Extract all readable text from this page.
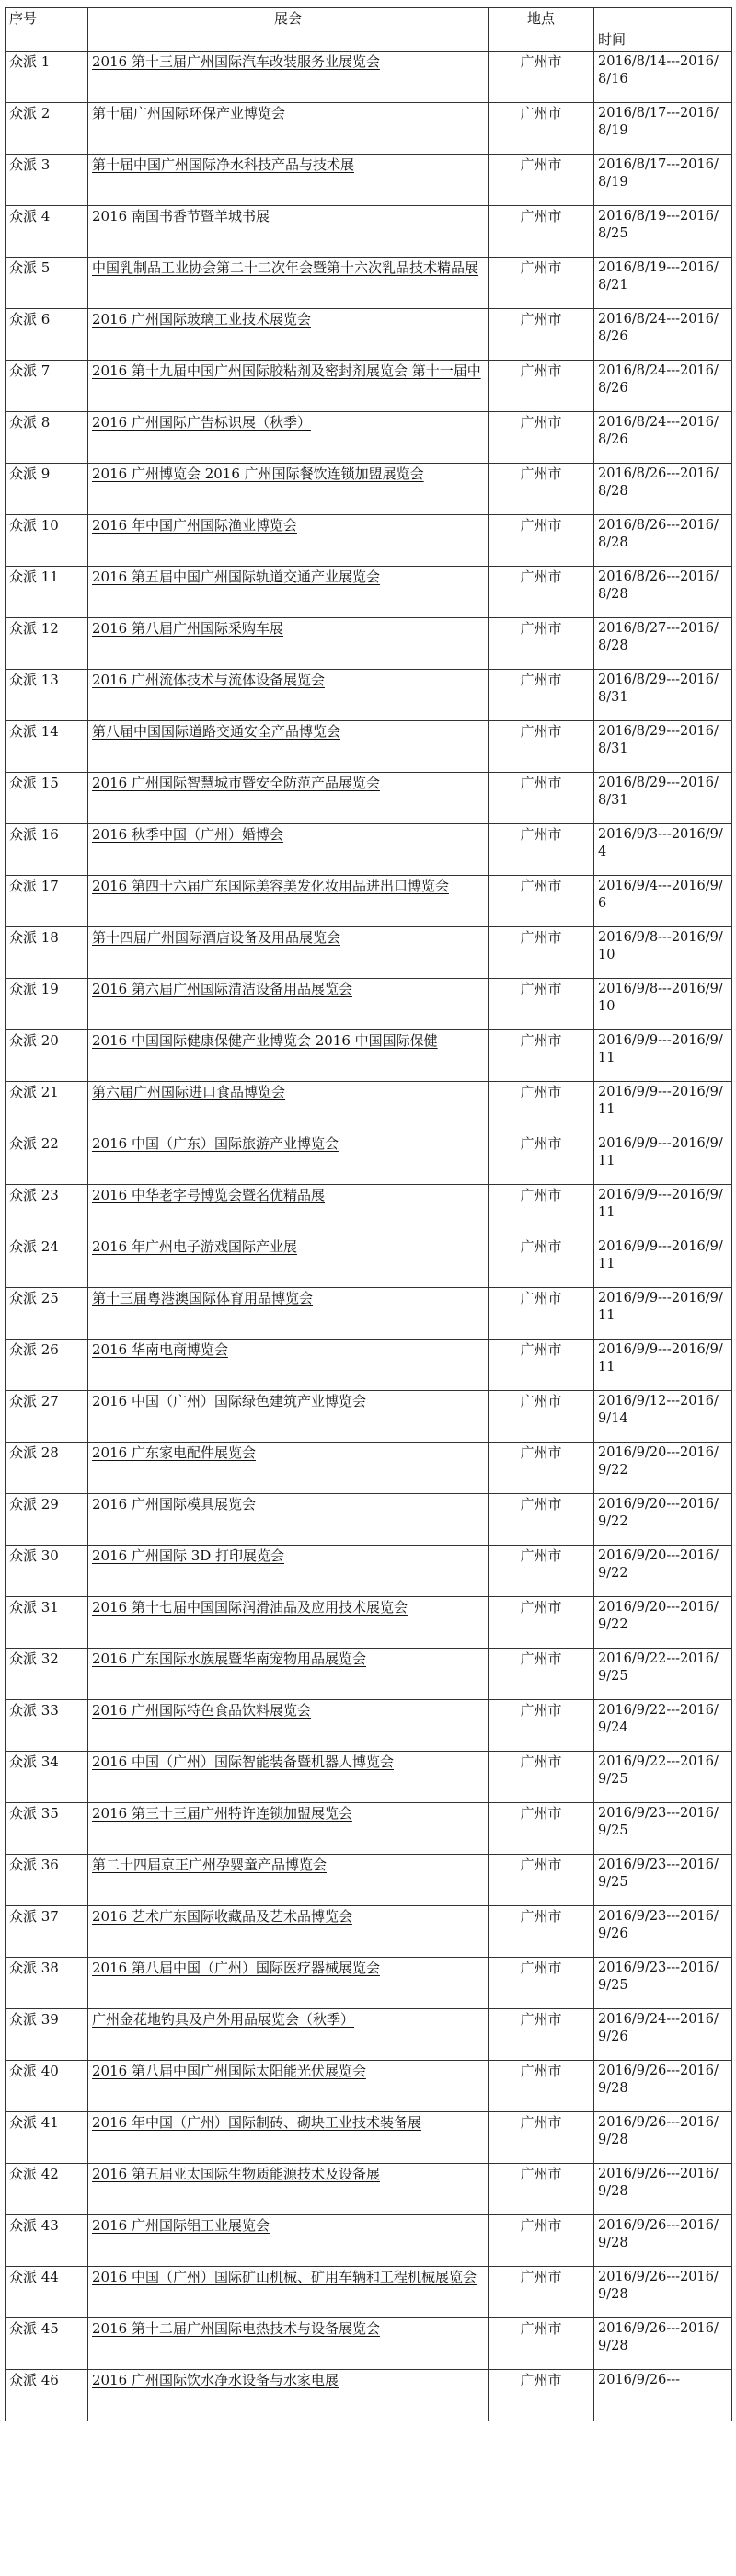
序号	展会	地点	时间
众派 1	2016 第十三届广州国际汽车改装服务业展览会	广州市	2016/8/14---2016/8/16
众派 2	第十届广州国际环保产业博览会	广州市	2016/8/17---2016/8/19
众派 3	第十届中国广州国际净水科技产品与技术展	广州市	2016/8/17---2016/8/19
众派 4	2016 南国书香节暨羊城书展	广州市	2016/8/19---2016/8/25
众派 5	中国乳制品工业协会第二十二次年会暨第十六次乳品技术精品展	广州市	2016/8/19---2016/8/21
众派 6	2016 广州国际玻璃工业技术展览会	广州市	2016/8/24---2016/8/26
众派 7	2016 第十九届中国广州国际胶粘剂及密封剂展览会 第十一届中	广州市	2016/8/24---2016/8/26
众派 8	2016 广州国际广告标识展（秋季）	广州市	2016/8/24---2016/8/26
众派 9	2016 广州博览会 2016 广州国际餐饮连锁加盟展览会	广州市	2016/8/26---2016/8/28
众派 10	2016 年中国广州国际渔业博览会	广州市	2016/8/26---2016/8/28
众派 11	2016 第五届中国广州国际轨道交通产业展览会	广州市	2016/8/26---2016/8/28
众派 12	2016 第八届广州国际采购车展	广州市	2016/8/27---2016/8/28
众派 13	2016 广州流体技术与流体设备展览会	广州市	2016/8/29---2016/8/31
众派 14	第八届中国国际道路交通安全产品博览会	广州市	2016/8/29---2016/8/31
众派 15	2016 广州国际智慧城市暨安全防范产品展览会	广州市	2016/8/29---2016/8/31
众派 16	2016 秋季中国（广州）婚博会	广州市	2016/9/3---2016/9/4
众派 17	2016 第四十六届广东国际美容美发化妆用品进出口博览会	广州市	2016/9/4---2016/9/6
众派 18	第十四届广州国际酒店设备及用品展览会	广州市	2016/9/8---2016/9/10
众派 19	2016 第六届广州国际清洁设备用品展览会	广州市	2016/9/8---2016/9/10
众派 20	2016 中国国际健康保健产业博览会 2016 中国国际保健	广州市	2016/9/9---2016/9/11
众派 21	第六届广州国际进口食品博览会	广州市	2016/9/9---2016/9/11
众派 22	2016 中国（广东）国际旅游产业博览会	广州市	2016/9/9---2016/9/11
众派 23	2016 中华老字号博览会暨名优精品展	广州市	2016/9/9---2016/9/11
众派 24	2016 年广州电子游戏国际产业展	广州市	2016/9/9---2016/9/11
众派 25	第十三届粤港澳国际体育用品博览会	广州市	2016/9/9---2016/9/11
众派 26	2016 华南电商博览会	广州市	2016/9/9---2016/9/11
众派 27	2016 中国（广州）国际绿色建筑产业博览会	广州市	2016/9/12---2016/9/14
众派 28	2016 广东家电配件展览会	广州市	2016/9/20---2016/9/22
众派 29	2016 广州国际模具展览会	广州市	2016/9/20---2016/9/22
众派 30	2016 广州国际 3D 打印展览会	广州市	2016/9/20---2016/9/22
众派 31	2016 第十七届中国国际润滑油品及应用技术展览会	广州市	2016/9/20---2016/9/22
众派 32	2016 广东国际水族展暨华南宠物用品展览会	广州市	2016/9/22---2016/9/25
众派 33	2016 广州国际特色食品饮料展览会	广州市	2016/9/22---2016/9/24
众派 34	2016 中国（广州）国际智能装备暨机器人博览会	广州市	2016/9/22---2016/9/25
众派 35	2016 第三十三届广州特许连锁加盟展览会	广州市	2016/9/23---2016/9/25
众派 36	第二十四届京正广州孕婴童产品博览会	广州市	2016/9/23---2016/9/25
众派 37	2016 艺术广东国际收藏品及艺术品博览会	广州市	2016/9/23---2016/9/26
众派 38	2016 第八届中国（广州）国际医疗器械展览会	广州市	2016/9/23---2016/9/25
众派 39	广州金花地钓具及户外用品展览会（秋季）	广州市	2016/9/24---2016/9/26
众派 40	2016 第八届中国广州国际太阳能光伏展览会	广州市	2016/9/26---2016/9/28
众派 41	2016 年中国（广州）国际制砖、砌块工业技术装备展	广州市	2016/9/26---2016/9/28
众派 42	2016 第五届亚太国际生物质能源技术及设备展	广州市	2016/9/26---2016/9/28
众派 43	2016 广州国际铝工业展览会	广州市	2016/9/26---2016/9/28
众派 44	2016 中国（广州）国际矿山机械、矿用车辆和工程机械展览会	广州市	2016/9/26---2016/9/28
众派 45	2016 第十二届广州国际电热技术与设备展览会	广州市	2016/9/26---2016/9/28
众派 46	2016 广州国际饮水净水设备与水家电展	广州市	2016/9/26---
